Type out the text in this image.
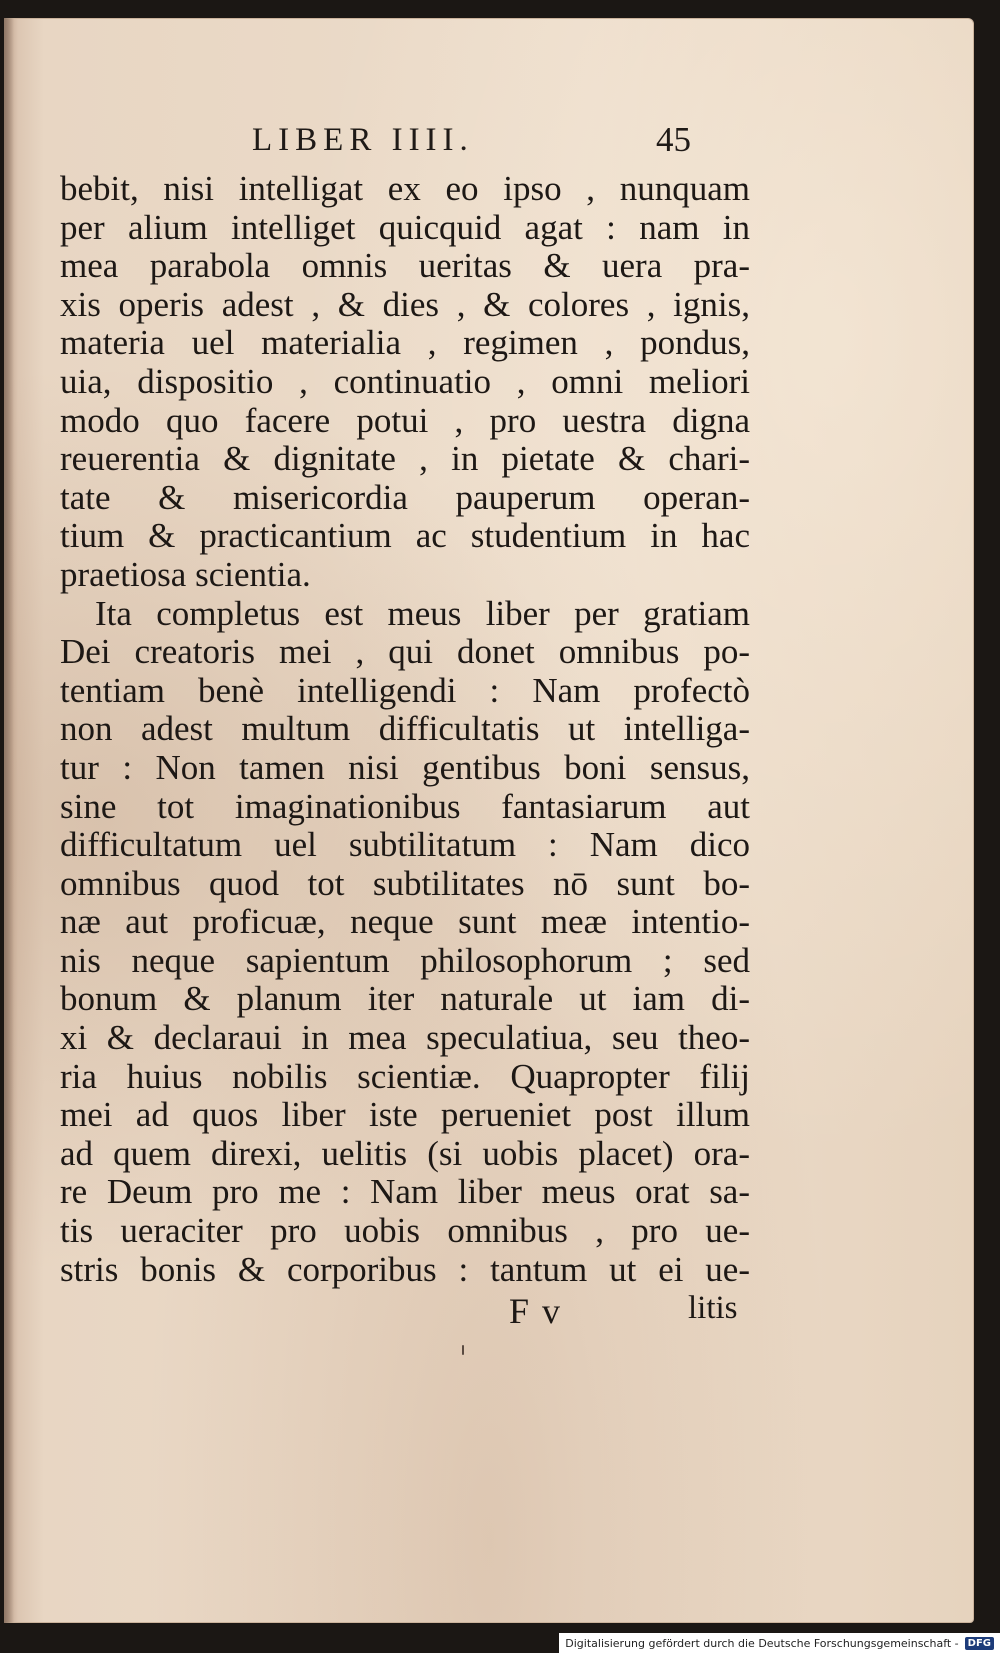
LIBER IIII.	45
bebit, nisi intelligat ex eo ipso , nunquam
per alium intelliget quicquid agat : nam in
mea parabola omnis ueritas & uera pra-
xis operis adest , & dies , & colores , ignis,
materia uel materialia , regimen , pondus,
uia, dispositio , continuatio , omni meliori
modo quo facere potui , pro uestra digna
reuerentia & dignitate , in pietate & chari-
tate & misericordia pauperum operan-
tium & practicantium ac studentium in hac
praetiosa scientia.
Ita completus est meus liber per gratiam
Dei creatoris mei , qui donet omnibus po-
tentiam benè intelligendi : Nam profectò
non adest multum difficultatis ut intelliga-
tur : Non tamen nisi gentibus boni sensus,
sine tot imaginationibus fantasiarum aut
difficultatum uel subtilitatum : Nam dico
omnibus quod tot subtilitates nō sunt bo-
næ aut proficuæ, neque sunt meæ intentio-
nis neque sapientum philosophorum ; sed
bonum & planum iter naturale ut iam di-
xi & declaraui in mea speculatiua, seu theo-
ria huius nobilis scientiæ. Quapropter filij
mei ad quos liber iste perueniet post illum
ad quem direxi, uelitis (si uobis placet) ora-
re Deum pro me : Nam liber meus orat sa-
tis ueraciter pro uobis omnibus , pro ue-
stris bonis & corporibus : tantum ut ei ue-
F v	litis
Digitalisierung gefördert durch die Deutsche Forschungsgemeinschaft - DFG
